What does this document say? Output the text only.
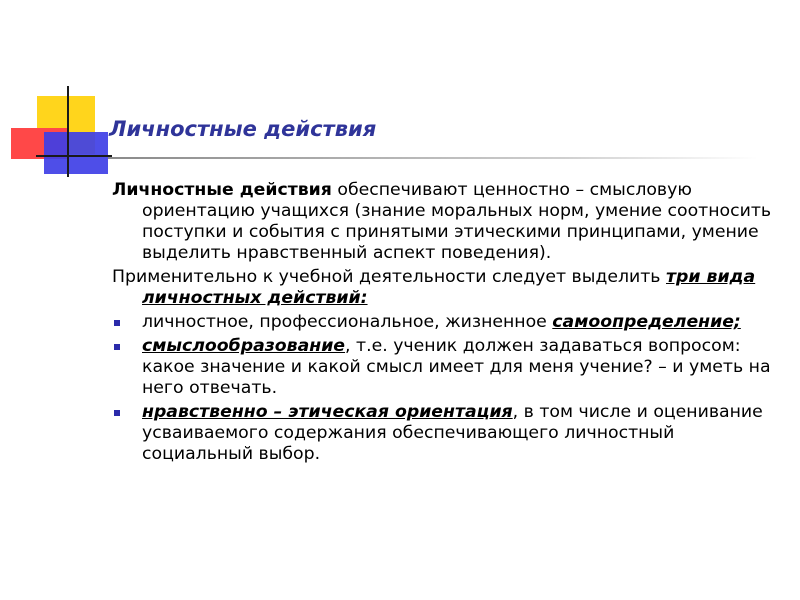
Личностные действия

Личностные действия обеспечивают ценностно – смысловую ориентацию учащихся (знание моральных норм, умение соотносить поступки и события с принятыми этическими принципами, умение выделить нравственный аспект поведения).

Применительно к учебной деятельности следует выделить три вида личностных действий:

личностное, профессиональное, жизненное самоопределение;
смыслообразование, т.е. ученик должен задаваться вопросом: какое значение и какой смысл имеет для меня учение? – и уметь на него отвечать.
нравственно – этическая ориентация, в том числе и оценивание усваиваемого содержания обеспечивающего личностный социальный выбор.
